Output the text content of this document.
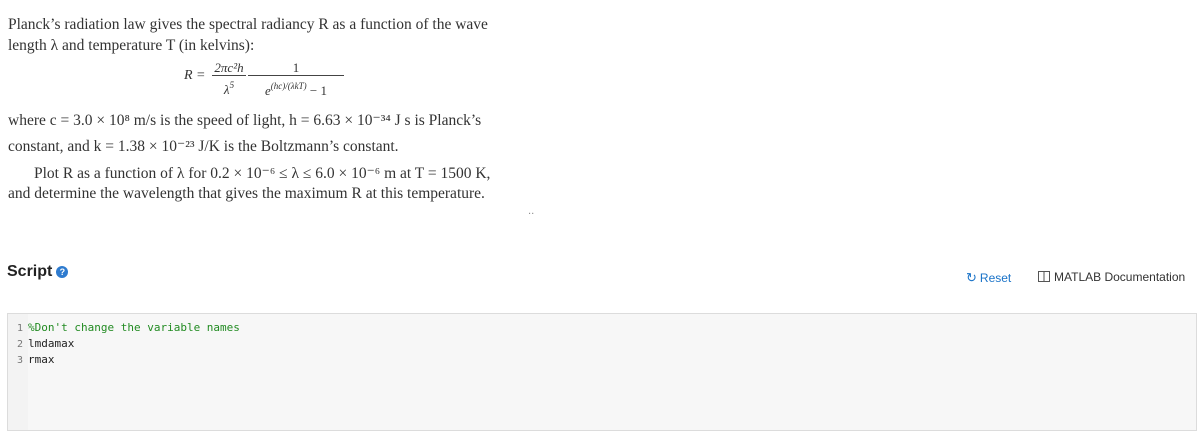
Planck’s radiation law gives the spectral radiancy R as a function of the wave

length λ and temperature T (in kelvins):

$R = \frac{\text{2πc²h}}{\lambda^5}$	1
$e^{(hc)/(\lambda kT)} - 1$
where c = 3.0 × 10⁸ m/s is the speed of light, h = 6.63 × 10⁻³⁴ J s is Planck’s
constant, and k = 1.38 × 10⁻²³ J/K is the Boltzmann’s constant.
Plot R as a function of λ for 0.2 × 10⁻⁶ ≤ λ ≤ 6.0 × 10⁻⁶ m at T = 1500 K,
and determine the wavelength that gives the maximum R at this temperature.
..
Script ?	↻ Reset	MATLAB Documentation
1 %Don't change the variable names
2 lmdamax
3 rmax
